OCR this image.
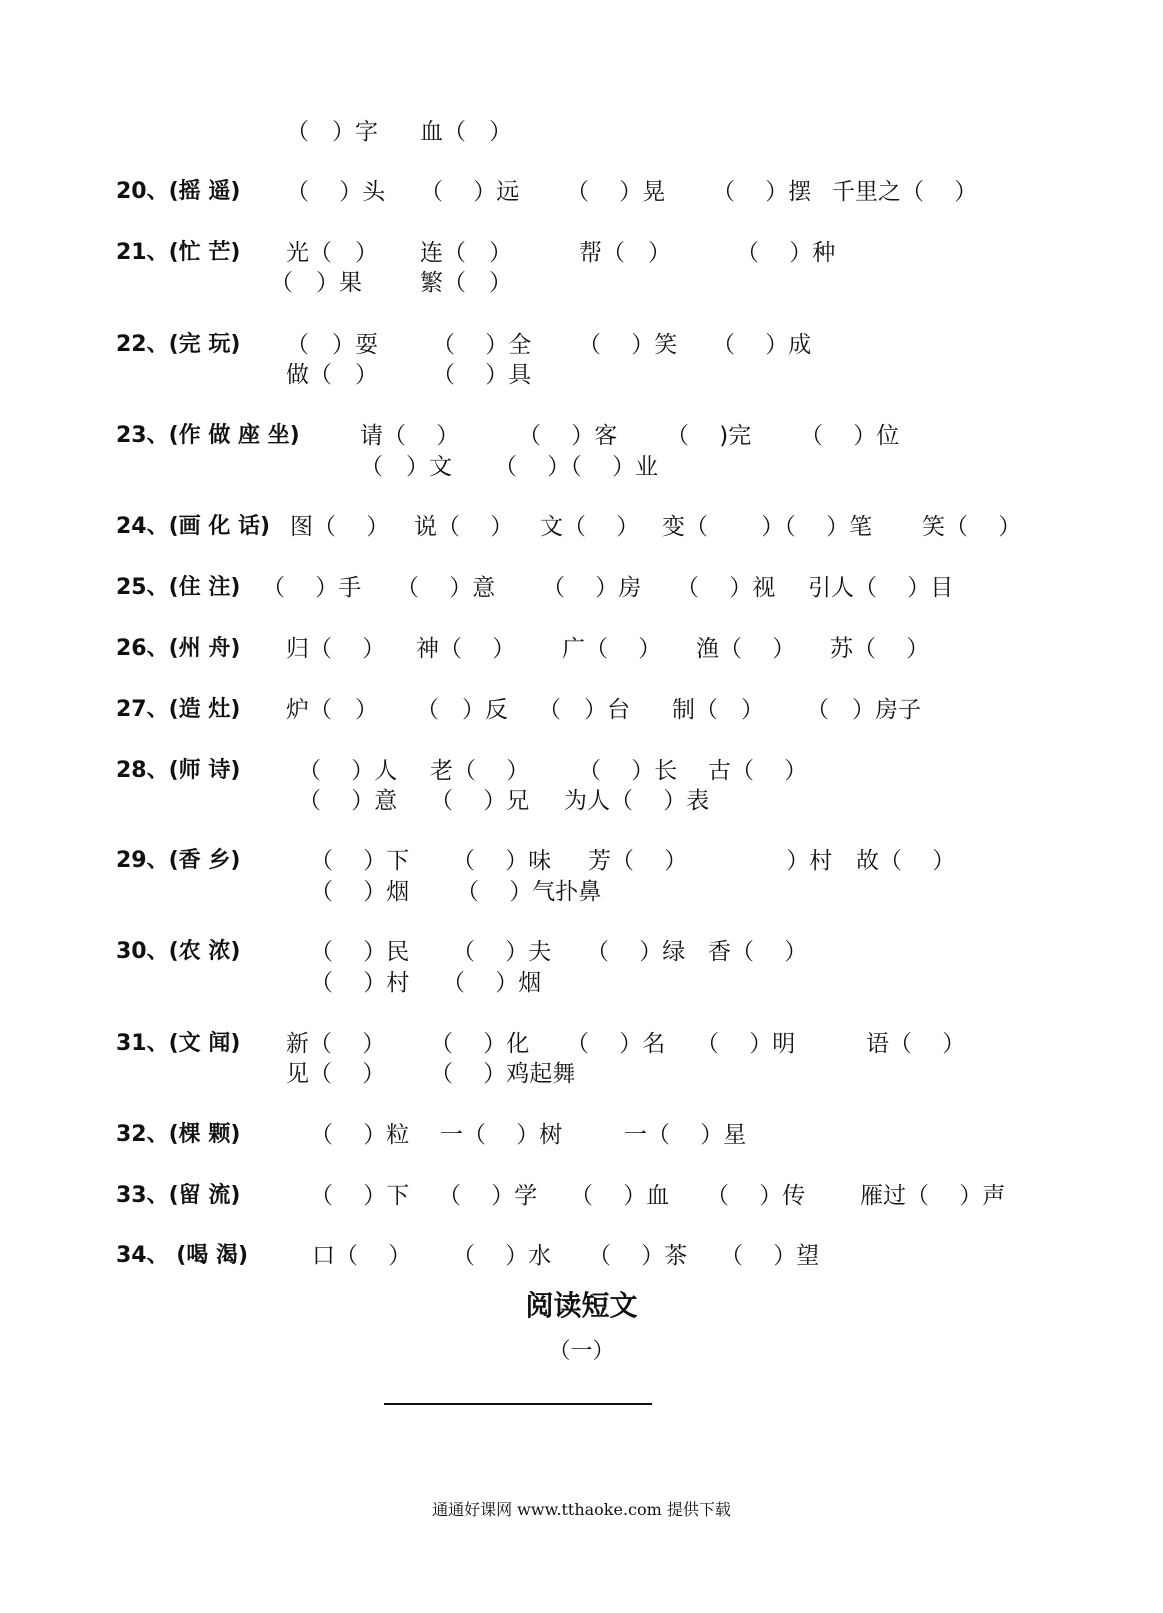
（　）字 血（　）
20、(摇 遥) （　 ）头 （　 ）远 （　 ）晃 （　 ）摆 千里之（　 ）
21、(忙 芒) 光（　） 连（　）	帮（　）	（　 ）种
（　）果	繁（　）
22、(完 玩) （　）耍 （　 ）全 （　 ）笑 （　 ）成
做（　） （　 ）具
23、(作 做 座 坐)	请（　 ）	（　 ）客 （　 )完 （　 ）位
（　）文 （　 ）（　 ）业
24、(画 化 话) 图（　 ） 说（　 ） 文（　 ） 变（　　 ）（　 ）笔 笑（　 ）
25、(住 注) （　 ）手 （　 ）意 （　 ）房 （　 ）视 引人（　 ）目
26、(州 舟) 归（　 ） 神（　 ） 广（　 ） 渔（　 ） 苏（　 ）
27、(造 灶) 炉（　） （　）反 （　）台 制（　） （　）房子
28、(师 诗)	（　 ）人 老（　 ） （　 ）长 古（　 ）
（　 ）意 （　 ）兄 为人（　 ）表
29、(香 乡)	（　 ）下 （　 ）味 芳（　 ）	　 ）村 故（　 ）
（　 ）烟 （　 ）气扑鼻
30、(农 浓)	（　 ）民 （　 ）夫 （　 ）绿 香（　 ）
（　 ）村 （　 ）烟
31、(文 闻) 新（　 ） （　 ）化 （　 ）名 （　 ）明	语（　 ）
见（　 ） （　 ）鸡起舞
32、(棵 颗)	（　 ）粒 一（　 ）树	一（　 ）星
33、(留 流)	（　 ）下 （　 ）学 （　 ）血 （　 ）传 雁过（　 ）声
34、 (喝 渴)	口（　 ） （　 ）水 （　 ）茶 （　 ）望
阅读短文
（一）
通通好课网 www.tthaoke.com 提供下载
